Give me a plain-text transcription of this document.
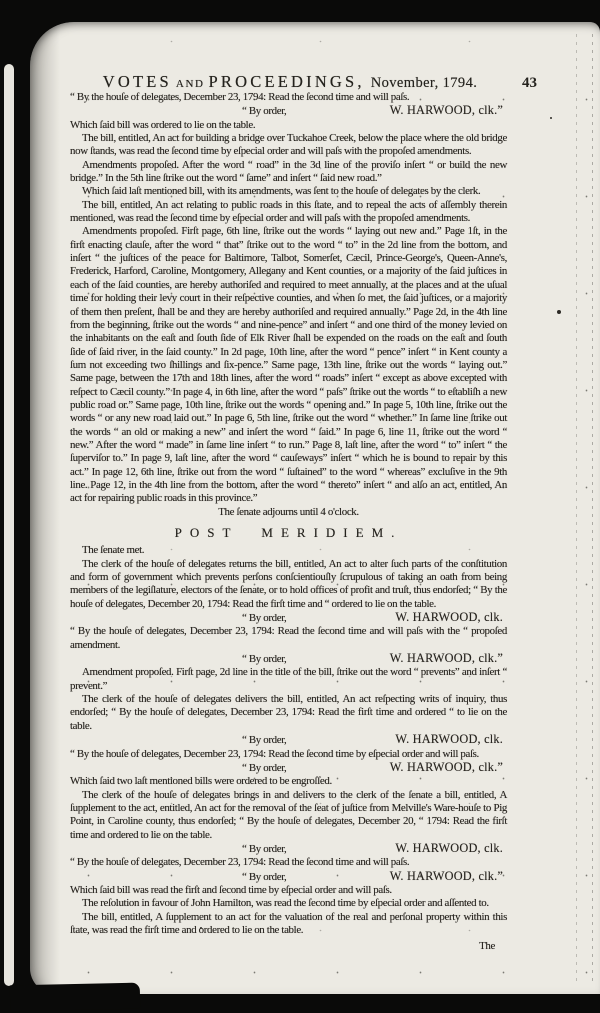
VOTES AND PROCEEDINGS, November, 1794.	43
“ By the houſe of delegates, December 23, 1794: Read the ſecond time and will paſs.
“ By order,	W. HARWOOD, clk.”
Which ſaid bill was ordered to lie on the table.
The bill, entitled, An act for building a bridge over Tuckahoe Creek, below the place where the old bridge now ſtands, was read the ſecond time by eſpecial order and will paſs with the propoſed amendments.
Amendments propoſed. After the word “ road” in the 3d line of the proviſo inſert “ or build the new bridge.” In the 5th line ſtrike out the word “ ſame” and inſert “ ſaid new road.”
Which ſaid laſt mentioned bill, with its amendments, was ſent to the houſe of delegates by the clerk.
The bill, entitled, An act relating to public roads in this ſtate, and to repeal the acts of aſſembly therein mentioned, was read the ſecond time by eſpecial order and will paſs with the propoſed amendments.
Amendments propoſed. Firſt page, 6th line, ſtrike out the words “ laying out new and.” Page 1ſt, in the firſt enacting clauſe, after the word “ that” ſtrike out to the word “ to” in the 2d line from the bottom, and inſert “ the juſtices of the peace for Baltimore, Talbot, Somerſet, Cæcil, Prince-George's, Queen-Anne's, Frederick, Harford, Caroline, Montgomery, Allegany and Kent counties, or a majority of the ſaid juſtices in each of the ſaid counties, are hereby authoriſed and required to meet annually, at the places and at the uſual time for holding their levy court in their reſpective counties, and when ſo met, the ſaid juſtices, or a majority of them then preſent, ſhall be and they are hereby authoriſed and required annually.” Page 2d, in the 4th line from the beginning, ſtrike out the words “ and nine-pence” and inſert “ and one third of the money levied on the inhabitants on the eaſt and ſouth ſide of Elk River ſhall be expended on the roads on the eaſt and ſouth ſide of ſaid river, in the ſaid county.” In 2d page, 10th line, after the word “ pence” inſert “ in Kent county a ſum not exceeding two ſhillings and ſix-pence.” Same page, 13th line, ſtrike out the words “ laying out.” Same page, between the 17th and 18th lines, after the word “ roads” inſert “ except as above excepted with reſpect to Cæcil county.” In page 4, in 6th line, after the word “ paſs” ſtrike out the words “ to eſtabliſh a new public road or.” Same page, 10th line, ſtrike out the words “ opening and.” In page 5, 10th line, ſtrike out the words “ or any new road laid out.” In page 6, 5th line, ſtrike out the word “ whether.” In ſame line ſtrike out the words “ an old or making a new” and inſert the word “ ſaid.” In page 6, line 11, ſtrike out the word “ new.” After the word “ made” in ſame line inſert “ to run.” Page 8, laſt line, after the word “ to” inſert “ the ſuperviſor to.” In page 9, laſt line, after the word “ cauſeways” inſert “ which he is bound to repair by this act.” In page 12, 6th line, ſtrike out from the word “ ſuſtained” to the word “ whereas” excluſive in the 9th line. Page 12, in the 4th line from the bottom, after the word “ thereto” inſert “ and alſo an act, entitled, An act for repairing public roads in this province.”
The ſenate adjourns until 4 o'clock.
POST MERIDIEM.
The ſenate met.
The clerk of the houſe of delegates returns the bill, entitled, An act to alter ſuch parts of the conſtitution and form of government which prevents perſons conſcientiouſly ſcrupulous of taking an oath from being members of the legiſlature, electors of the ſenate, or to hold offices of profit and truſt, thus endorſed; “ By the houſe of delegates, December 20, 1794: Read the firſt time and “ ordered to lie on the table.
“ By order,	W. HARWOOD, clk.
“ By the houſe of delegates, December 23, 1794: Read the ſecond time and will paſs with the “ propoſed amendment.
“ By order,	W. HARWOOD, clk.”
Amendment propoſed. Firſt page, 2d line in the title of the bill, ſtrike out the word “ prevents” and inſert “ prevent.”
The clerk of the houſe of delegates delivers the bill, entitled, An act reſpecting writs of inquiry, thus endorſed; “ By the houſe of delegates, December 23, 1794: Read the firſt time and ordered “ to lie on the table.
“ By order,	W. HARWOOD, clk.
“ By the houſe of delegates, December 23, 1794: Read the ſecond time by eſpecial order and will paſs.
“ By order,	W. HARWOOD, clk.”
Which ſaid two laſt mentioned bills were ordered to be engroſſed.
The clerk of the houſe of delegates brings in and delivers to the clerk of the ſenate a bill, entitled, A ſupplement to the act, entitled, An act for the removal of the ſeat of juſtice from Melville's Ware-houſe to Pig Point, in Caroline county, thus endorſed; “ By the houſe of delegates, December 20, “ 1794: Read the firſt time and ordered to lie on the table.
“ By order,	W. HARWOOD, clk.
“ By the houſe of delegates, December 23, 1794: Read the ſecond time and will paſs.
“ By order,	W. HARWOOD, clk.”
Which ſaid bill was read the firſt and ſecond time by eſpecial order and will paſs.
The reſolution in favour of John Hamilton, was read the ſecond time by eſpecial order and aſſented to.
The bill, entitled, A ſupplement to an act for the valuation of the real and perſonal property within this ſtate, was read the firſt time and ordered to lie on the table.
The
